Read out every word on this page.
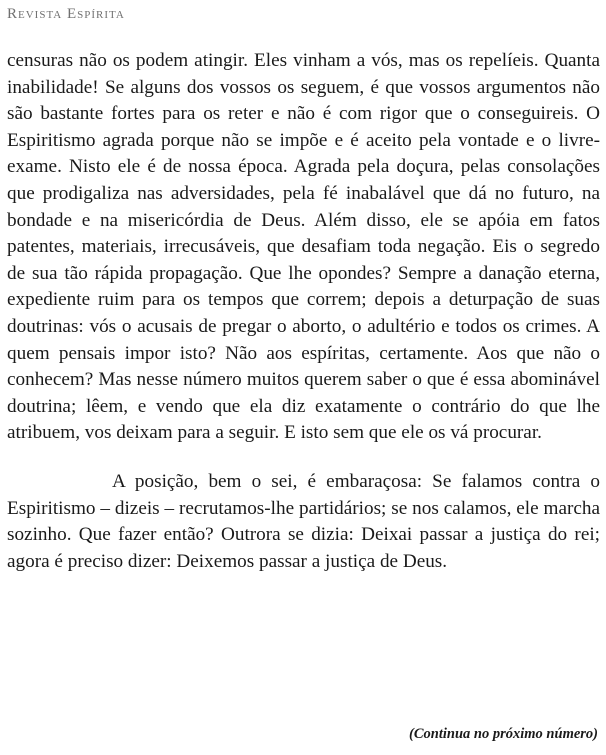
Revista Espírita

censuras não os podem atingir. Eles vinham a vós, mas os repelíeis. Quanta inabilidade! Se alguns dos vossos os seguem, é que vossos argumentos não são bastante fortes para os reter e não é com rigor que o conseguireis. O Espiritismo agrada porque não se impõe e é aceito pela vontade e o livre-exame. Nisto ele é de nossa época. Agrada pela doçura, pelas consolações que prodigaliza nas adversidades, pela fé inabalável que dá no futuro, na bondade e na misericórdia de Deus. Além disso, ele se apóia em fatos patentes, materiais, irrecusáveis, que desafiam toda negação. Eis o segredo de sua tão rápida propagação. Que lhe opondes? Sempre a danação eterna, expediente ruim para os tempos que correm; depois a deturpação de suas doutrinas: vós o acusais de pregar o aborto, o adultério e todos os crimes. A quem pensais impor isto? Não aos espíritas, certamente. Aos que não o conhecem? Mas nesse número muitos querem saber o que é essa abominável doutrina; lêem, e vendo que ela diz exatamente o contrário do que lhe atribuem, vos deixam para a seguir. E isto sem que ele os vá procurar.

A posição, bem o sei, é embaraçosa: Se falamos contra o Espiritismo – dizeis – recrutamos-lhe partidários; se nos calamos, ele marcha sozinho. Que fazer então? Outrora se dizia: Deixai passar a justiça do rei; agora é preciso dizer: Deixemos passar a justiça de Deus.

(Continua no próximo número)
